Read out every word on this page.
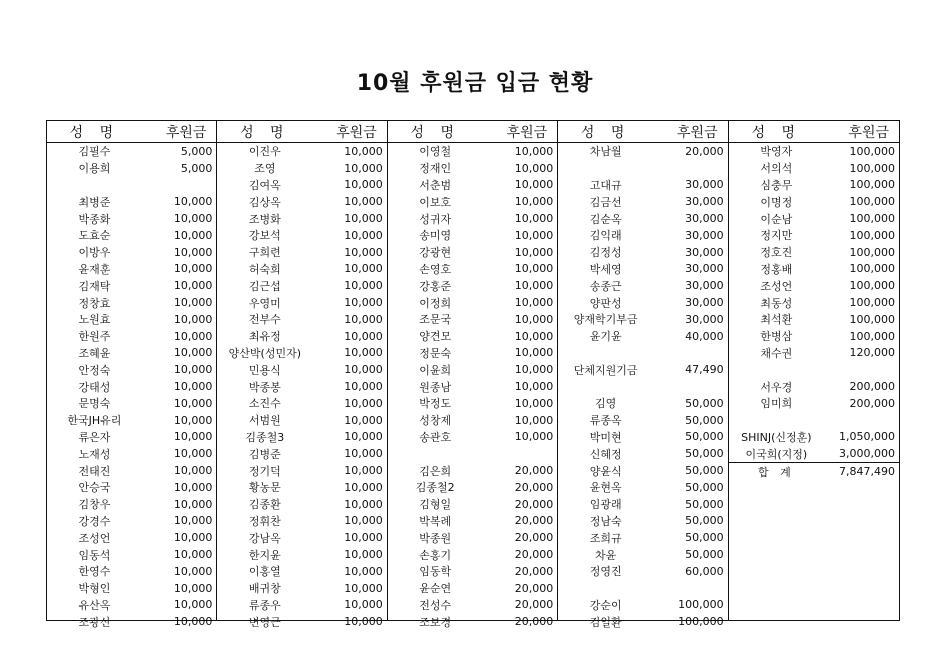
10월 후원금 입금 현황
성 명	후원금
김필수	5,000
이용희	5,000
최병준	10,000
박종화	10,000
도효순	10,000
이방우	10,000
윤재훈	10,000
김재탁	10,000
정창효	10,000
노원효	10,000
한원주	10,000
조혜윤	10,000
안정숙	10,000
강태성	10,000
문명숙	10,000
한국JH유리	10,000
류은자	10,000
노재성	10,000
전태진	10,000
안승국	10,000
김창우	10,000
강경수	10,000
조성언	10,000
임동석	10,000
한영수	10,000
박형인	10,000
유산옥	10,000
조광신	10,000
성 명	후원금
이진우	10,000
조영	10,000
김여옥	10,000
김상옥	10,000
조병화	10,000
강보석	10,000
구희련	10,000
허숙희	10,000
김근섭	10,000
우영미	10,000
전부수	10,000
최유정	10,000
양산박(성민자)	10,000
민용식	10,000
박종봉	10,000
소진수	10,000
서범원	10,000
김종철3	10,000
김병준	10,000
정기덕	10,000
황농문	10,000
김종환	10,000
정휘찬	10,000
강남옥	10,000
한지윤	10,000
이홍열	10,000
배귀창	10,000
류종우	10,000
변영근	10,000
성 명	후원금
이영철	10,000
정재인	10,000
서춘범	10,000
이보호	10,000
성귀자	10,000
송미영	10,000
강광현	10,000
손영호	10,000
강홍준	10,000
이정희	10,000
조문국	10,000
양견모	10,000
정문숙	10,000
이윤희	10,000
원종남	10,000
박정도	10,000
성창제	10,000
송관호	10,000
김은희	20,000
김종철2	20,000
김형일	20,000
박복례	20,000
박종원	20,000
손홍기	20,000
임동학	20,000
윤순연	20,000
전성수	20,000
조보경	20,000
성 명	후원금
차남월	20,000
고대규	30,000
김금선	30,000
김순옥	30,000
김익래	30,000
김정성	30,000
박세영	30,000
송종근	30,000
양판성	30,000
양재학기부금	30,000
윤기윤	40,000
단체지원기금	47,490
김영	50,000
류종옥	50,000
박미현	50,000
신혜정	50,000
양윤식	50,000
윤현옥	50,000
임광래	50,000
정남숙	50,000
조희규	50,000
차윤	50,000
정영진	60,000
강순이	100,000
김일환	100,000
성 명	후원금
박영자	100,000
서의석	100,000
심충무	100,000
이명정	100,000
이순남	100,000
정지만	100,000
정호진	100,000
정홍배	100,000
조성언	100,000
최동성	100,000
최석환	100,000
한병삼	100,000
채수권	120,000
서우경	200,000
임미희	200,000
SHINJ(신정훈)	1,050,000
이국희(지정)	3,000,000
합 계	7,847,490
